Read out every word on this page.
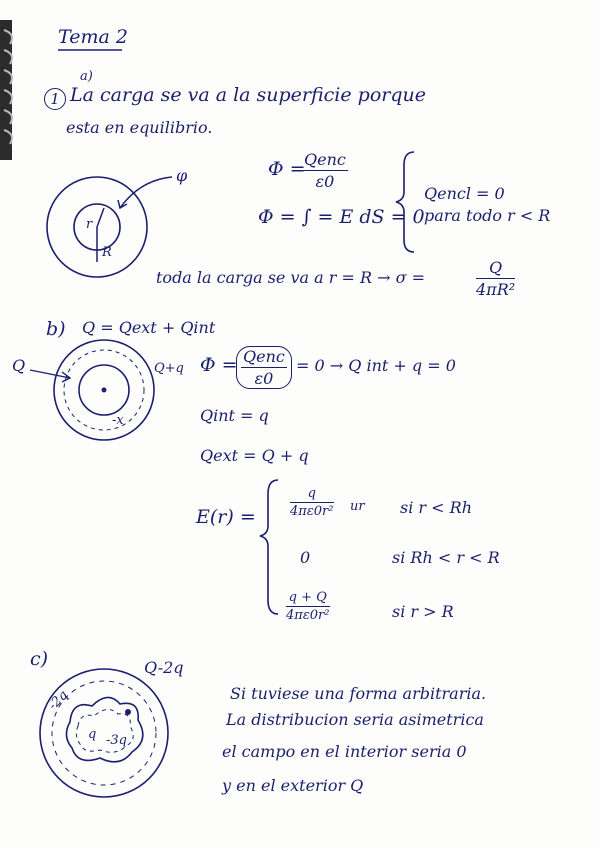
Tema 2
1
a)
La carga se va a la superficie porque
esta en equilibrio.
φ
r
R
Φ =
Qenc
ε0
Φ = ∫ = E dS = 0
Qencl = 0
para todo r < R
toda la carga se va a r = R → σ =	$\frac{Q}{\text{4πR²}}$
b) Q = Qext + Qint
Q	Q+q
-x
Φ = Qenc
ε0
= 0 → Q int + q = 0
Qint = q
Qext = Q + q
E(r) =	$\frac{q}{\text{4πε0r²}}$ ur si r < Rh
0	si Rh < r < R
$\frac{q + Q}{\text{4πε0r²}}$	si r > R
c)	Q-2q
-2q
q -3q
Si tuviese una forma arbitraria.
La distribucion seria asimetrica
el campo en el interior seria 0
y en el exterior Q
